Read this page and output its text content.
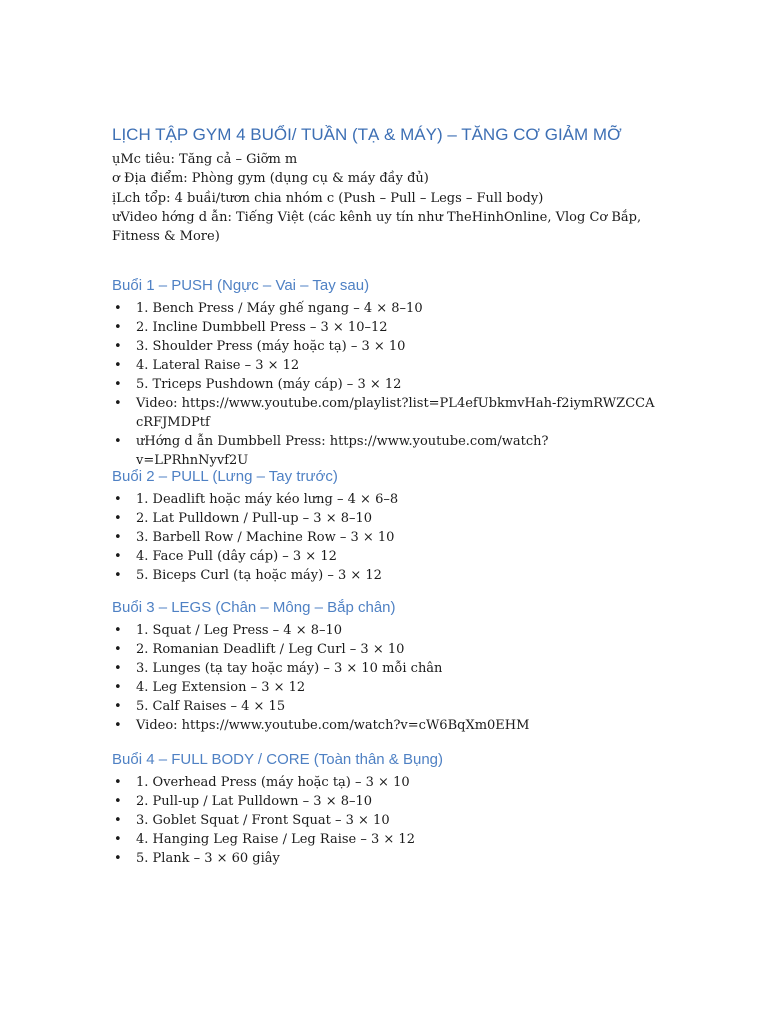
LỊCH TẬP GYM 4 BUỔI/ TUẦN (TẠ & MÁY) – TĂNG CƠ GIẢM MỠ

ụMc tiêu: Tăng cả – Giỡm m

ơ Địa điểm: Phòng gym (dụng cụ & máy đầy đủ)

ịLch tổp: 4 buầi/tươn chia nhóm c (Push – Pull – Legs – Full body)

ưVideo hớng d ẫn: Tiếng Việt (các kênh uy tín như TheHinhOnline, Vlog Cơ Bắp, Fitness & More)

Buổi 1 – PUSH (Ngực – Vai – Tay sau)
• 1. Bench Press / Máy ghế ngang – 4 × 8–10
• 2. Incline Dumbbell Press – 3 × 10–12
• 3. Shoulder Press (máy hoặc tạ) – 3 × 10
• 4. Lateral Raise – 3 × 12
• 5. Triceps Pushdown (máy cáp) – 3 × 12
• Video: https://www.youtube.com/playlist?list=PL4efUbkmvHah-f2iymRWZCCAcRFJMDPtf
• ưHớng d ẫn Dumbbell Press: https://www.youtube.com/watch?v=LPRhnNyvf2U
Buổi 2 – PULL (Lưng – Tay trước)
• 1. Deadlift hoặc máy kéo lưng – 4 × 6–8
• 2. Lat Pulldown / Pull-up – 3 × 8–10
• 3. Barbell Row / Machine Row – 3 × 10
• 4. Face Pull (dây cáp) – 3 × 12
• 5. Biceps Curl (tạ hoặc máy) – 3 × 12
Buổi 3 – LEGS (Chân – Mông – Bắp chân)
• 1. Squat / Leg Press – 4 × 8–10
• 2. Romanian Deadlift / Leg Curl – 3 × 10
• 3. Lunges (tạ tay hoặc máy) – 3 × 10 mỗi chân
• 4. Leg Extension – 3 × 12
• 5. Calf Raises – 4 × 15
• Video: https://www.youtube.com/watch?v=cW6BqXm0EHM
Buổi 4 – FULL BODY / CORE (Toàn thân & Bụng)
• 1. Overhead Press (máy hoặc tạ) – 3 × 10
• 2. Pull-up / Lat Pulldown – 3 × 8–10
• 3. Goblet Squat / Front Squat – 3 × 10
• 4. Hanging Leg Raise / Leg Raise – 3 × 12
• 5. Plank – 3 × 60 giây
